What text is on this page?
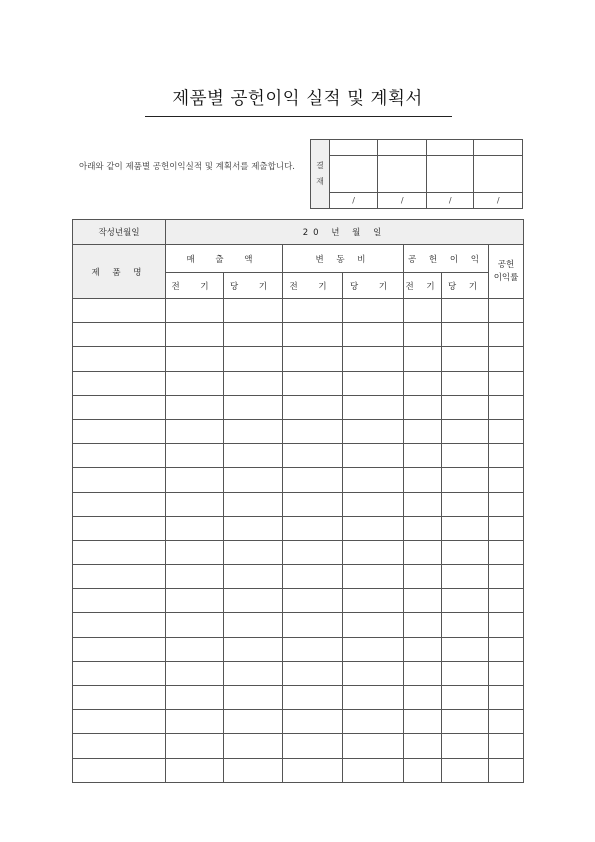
제품별 공헌이익 실적 및 계획서
아래와 같이 제품별 공헌이익실적 및 계획서를 제출합니다.	결
재				

	/	/	/	/
작성년월일	20 년 월 일						
제 품 명	매 출 액		변 동 비		공 헌 이 익		공헌
이익률

	전 기	당 기	전 기	당 기	전 기	당 기	
